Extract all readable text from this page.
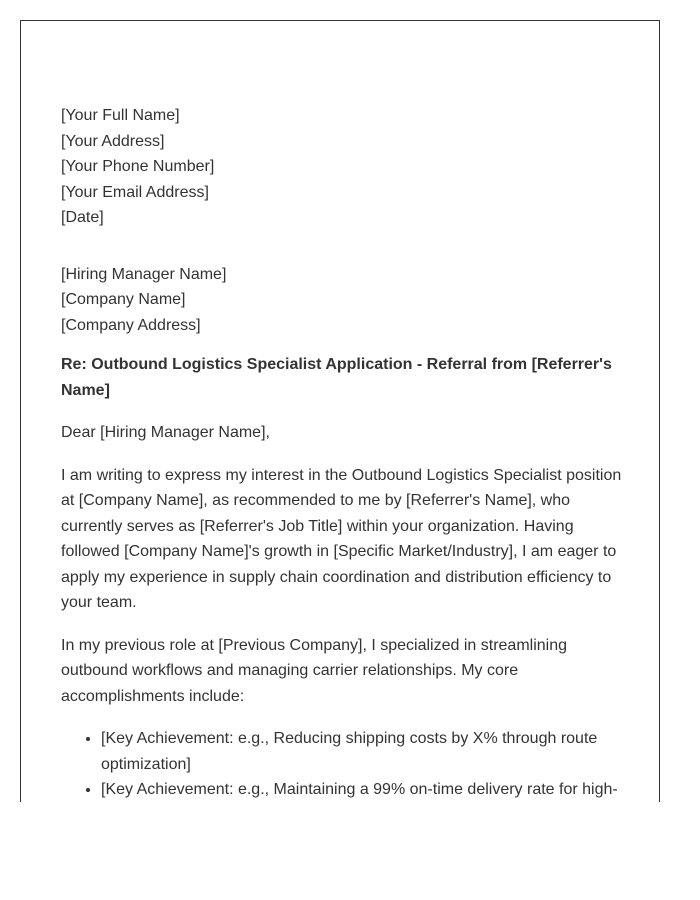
[Your Full Name]
[Your Address]
[Your Phone Number]
[Your Email Address]
[Date]
[Hiring Manager Name]
[Company Name]
[Company Address]
Re: Outbound Logistics Specialist Application - Referral from [Referrer's Name]

Dear [Hiring Manager Name],

I am writing to express my interest in the Outbound Logistics Specialist position at [Company Name], as recommended to me by [Referrer's Name], who currently serves as [Referrer's Job Title] within your organization. Having followed [Company Name]'s growth in [Specific Market/Industry], I am eager to apply my experience in supply chain coordination and distribution efficiency to your team.

In my previous role at [Previous Company], I specialized in streamlining outbound workflows and managing carrier relationships. My core accomplishments include:

• [Key Achievement: e.g., Reducing shipping costs by X% through route optimization]
• [Key Achievement: e.g., Maintaining a 99% on-time delivery rate for high-
